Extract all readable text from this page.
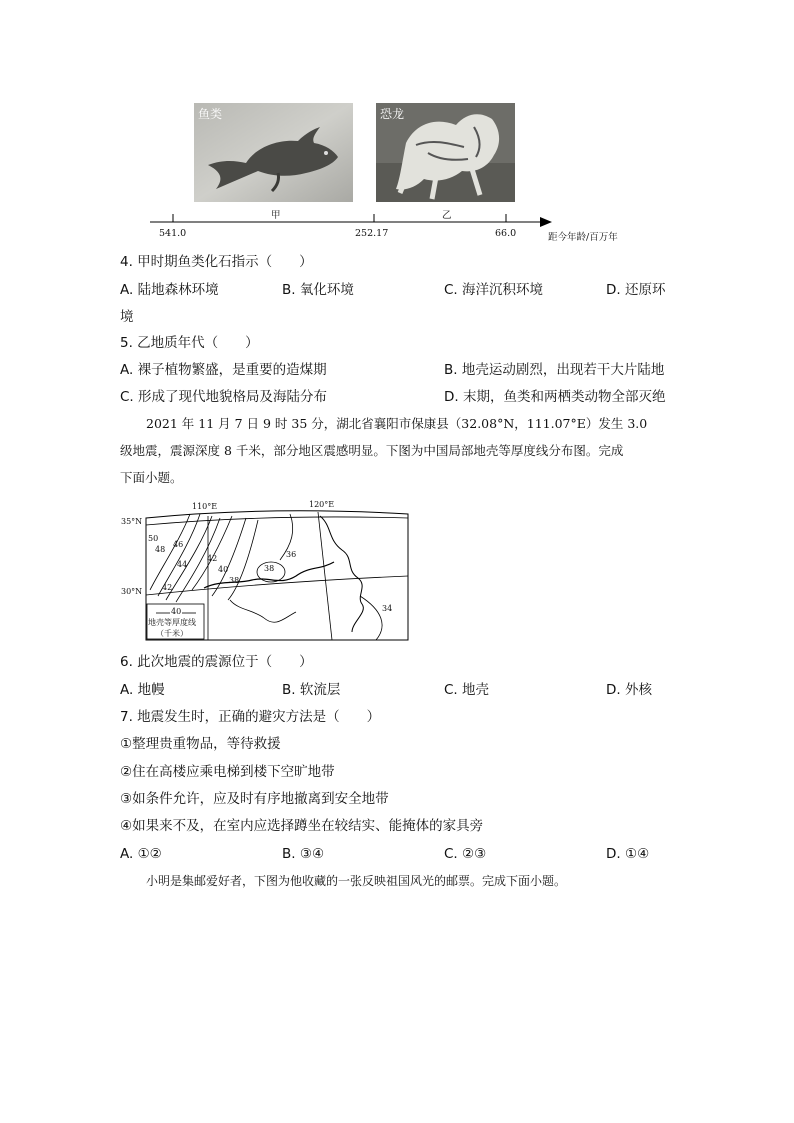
鱼类	恐龙
甲	乙
541.0	252.17	66.0	距今年龄/百万年
4. 甲时期鱼类化石指示（　　）
A. 陆地森林环境	B. 氧化环境	C. 海洋沉积环境	D. 还原环
境
5. 乙地质年代（　　）
A. 裸子植物繁盛，是重要的造煤期	B. 地壳运动剧烈，出现若干大片陆地
C. 形成了现代地貌格局及海陆分布	D. 末期，鱼类和两栖类动物全部灭绝
2021 年 11 月 7 日 9 时 35 分，湖北省襄阳市保康县（32.08°N，111.07°E）发生 3.0
级地震，震源深度 8 千米，部分地区震感明显。下图为中国局部地壳等厚度线分布图。完成
下面小题。
110°E	120°E
35°N
30°N
50
48
46
44
42
40
38
38
36
42
34
40
地壳等厚度线
（千米）
6. 此次地震的震源位于（　　）
A. 地幔	B. 软流层	C. 地壳	D. 外核
7. 地震发生时，正确的避灾方法是（　　）
①整理贵重物品，等待救援
②住在高楼应乘电梯到楼下空旷地带
③如条件允许，应及时有序地撤离到安全地带
④如果来不及，在室内应选择蹲坐在较结实、能掩体的家具旁
A. ①②	B. ③④	C. ②③	D. ①④
小明是集邮爱好者，下图为他收藏的一张反映祖国风光的邮票。完成下面小题。
